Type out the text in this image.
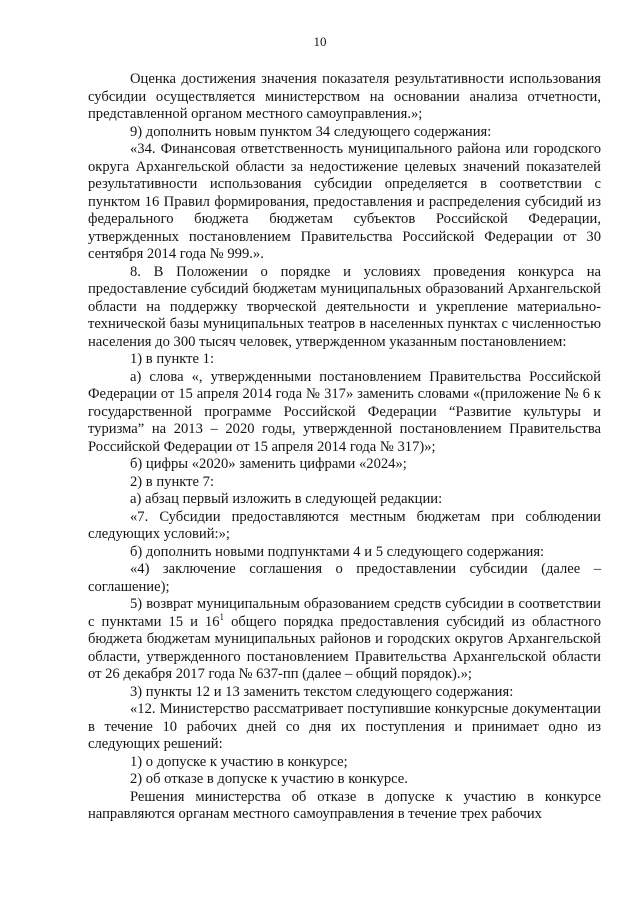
10

Оценка достижения значения показателя результативности использования субсидии осуществляется министерством на основании анализа отчетности, представленной органом местного самоуправления.»;

9) дополнить новым пунктом 34 следующего содержания:

«34. Финансовая ответственность муниципального района или городского округа Архангельской области за недостижение целевых значений показателей результативности использования субсидии определяется в соответствии с пунктом 16 Правил формирования, предоставления и распределения субсидий из федерального бюджета бюджетам субъектов Российской Федерации, утвержденных постановлением Правительства Российской Федерации от 30 сентября 2014 года № 999.».

8. В Положении о порядке и условиях проведения конкурса на предоставление субсидий бюджетам муниципальных образований Архангельской области на поддержку творческой деятельности и укрепление материально-технической базы муниципальных театров в населенных пунктах с численностью населения до 300 тысяч человек, утвержденном указанным постановлением:

1) в пункте 1:

а) слова «, утвержденными постановлением Правительства Российской Федерации от 15 апреля 2014 года № 317» заменить словами «(приложение № 6 к государственной программе Российской Федерации “Развитие культуры и туризма” на 2013 – 2020 годы, утвержденной постановлением Правительства Российской Федерации от 15 апреля 2014 года № 317)»;

б) цифры «2020» заменить цифрами «2024»;

2) в пункте 7:

а) абзац первый изложить в следующей редакции:

«7. Субсидии предоставляются местным бюджетам при соблюдении следующих условий:»;

б) дополнить новыми подпунктами 4 и 5 следующего содержания:

«4) заключение соглашения о предоставлении субсидии (далее – соглашение);

5) возврат муниципальным образованием средств субсидии в соответствии с пунктами 15 и $16^1$ общего порядка предоставления субсидий из областного бюджета бюджетам муниципальных районов и городских округов Архангельской области, утвержденного постановлением Правительства Архангельской области от 26 декабря 2017 года № 637-пп (далее – общий порядок).»;

3) пункты 12 и 13 заменить текстом следующего содержания:

«12. Министерство рассматривает поступившие конкурсные документации в течение 10 рабочих дней со дня их поступления и принимает одно из следующих решений:

1) о допуске к участию в конкурсе;

2) об отказе в допуске к участию в конкурсе.

Решения министерства об отказе в допуске к участию в конкурсе направляются органам местного самоуправления в течение трех рабочих
